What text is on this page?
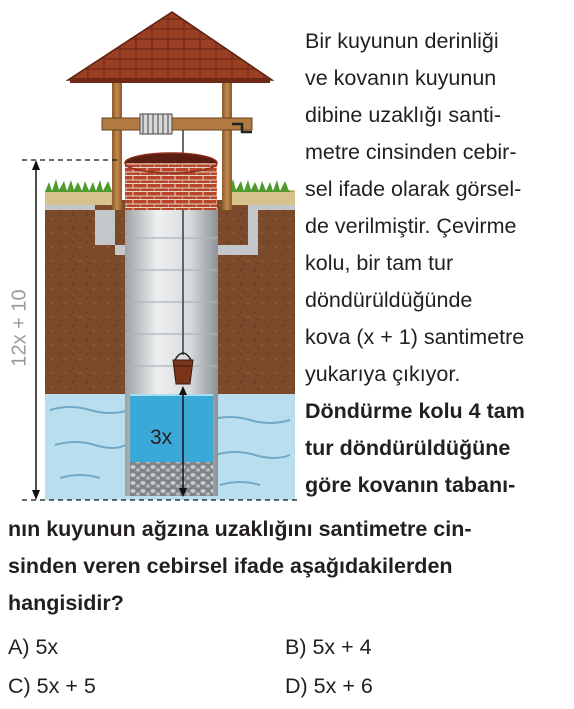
12x + 10
3x
Bir kuyunun derinliği
ve kovanın kuyunun
dibine uzaklığı santi-
metre cinsinden cebir-
sel ifade olarak görsel-
de verilmiştir. Çevirme
kolu, bir tam tur
döndürüldüğünde
kova (x + 1) santimetre
yukarıya çıkıyor.
Döndürme kolu 4 tam
tur döndürüldüğüne
göre kovanın tabanı-
nın kuyunun ağzına uzaklığını santimetre cin-
sinden veren cebirsel ifade aşağıdakilerden
hangisidir?
A) 5x	B) 5x + 4
C) 5x + 5	D) 5x + 6
